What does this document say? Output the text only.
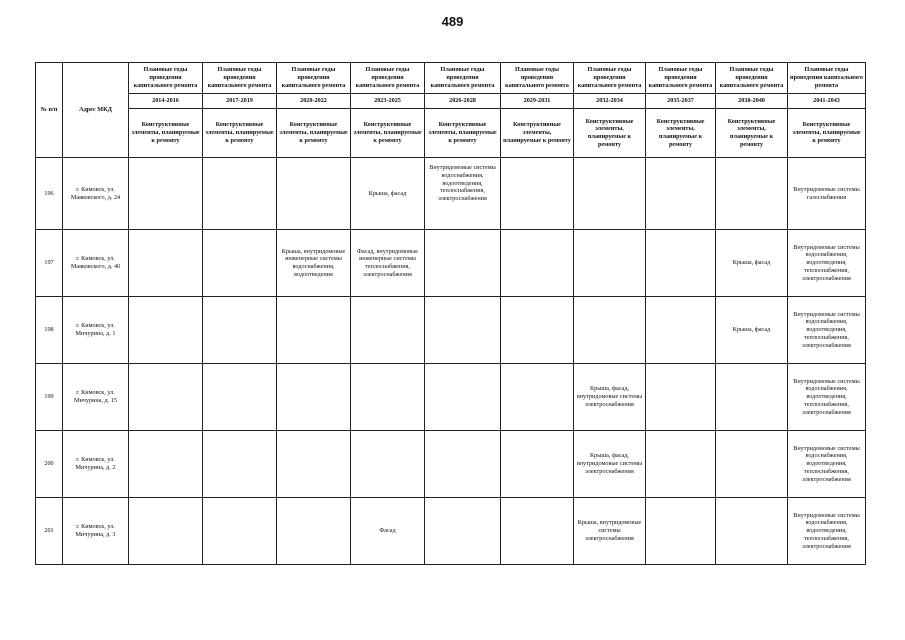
489
№ п/п	Адрес МКД	Плановые годы проведения капитального ремонта	Плановые годы проведения капитального ремонта	Плановые годы проведения капитального ремонта	Плановые годы проведения капитального ремонта	Плановые годы проведения капитального ремонта	Плановые годы проведения капитального ремонта	Плановые годы проведения капитального ремонта	Плановые годы проведения капитального ремонта	Плановые годы проведения капитального ремонта	Плановые годы проведения капитального ремонта
		2014-2016	2017-2019	2020-2022	2023-2025	2026-2028	2029-2031	2032-2034	2035-2037	2038-2040	2041-2043
		Конструктивные элементы, планируемые к ремонту	Конструктивные элементы, планируемые к ремонту	Конструктивные элементы, планируемые к ремонту	Конструктивные элементы, планируемые к ремонту	Конструктивные элементы, планируемые к ремонту	Конструктивные элементы, планируемые к ремонту	Конструктивные элементы, планируемые к ремонту	Конструктивные элементы, планируемые к ремонту	Конструктивные элементы, планируемые к ремонту	Конструктивные элементы, планируемые к ремонту
196	г. Кимовск, ул. Маяковского, д. 24				Крыша, фасад	Внутридомовые системы водоснабжения, водоотведения, теплоснабжения, электроснабжения					Внутридомовые системы газоснабжения
197	г. Кимовск, ул. Маяковского, д. 40			Крыша, внутридомовые инженерные системы водоснабжения, водоотведения	Фасад, внутридомовые инженерные системы теплоснабжения, электроснабжения					Крыша, фасад	Внутридомовые системы водоснабжения, водоотведения, теплоснабжения, электроснабжения
198	г. Кимовск, ул. Мичурина, д. 1									Крыша, фасад	Внутридомовые системы водоснабжения, водоотведения, теплоснабжения, электроснабжения
199	г. Кимовск, ул. Мичурина, д. 15							Крыша, фасад, внутридомовые системы электроснабжения			Внутридомовые системы водоснабжения, водоотведения, теплоснабжения, электроснабжения
200	г. Кимовск, ул. Мичурина, д. 2							Крыша, фасад, внутридомовые системы электроснабжения			Внутридомовые системы водоснабжения, водоотведения, теплоснабжения, электроснабжения
201	г. Кимовск, ул. Мичурина, д. 3				Фасад			Крыша, внутридомовые системы электроснабжения			Внутридомовые системы водоснабжения, водоотведения, теплоснабжения, электроснабжения
